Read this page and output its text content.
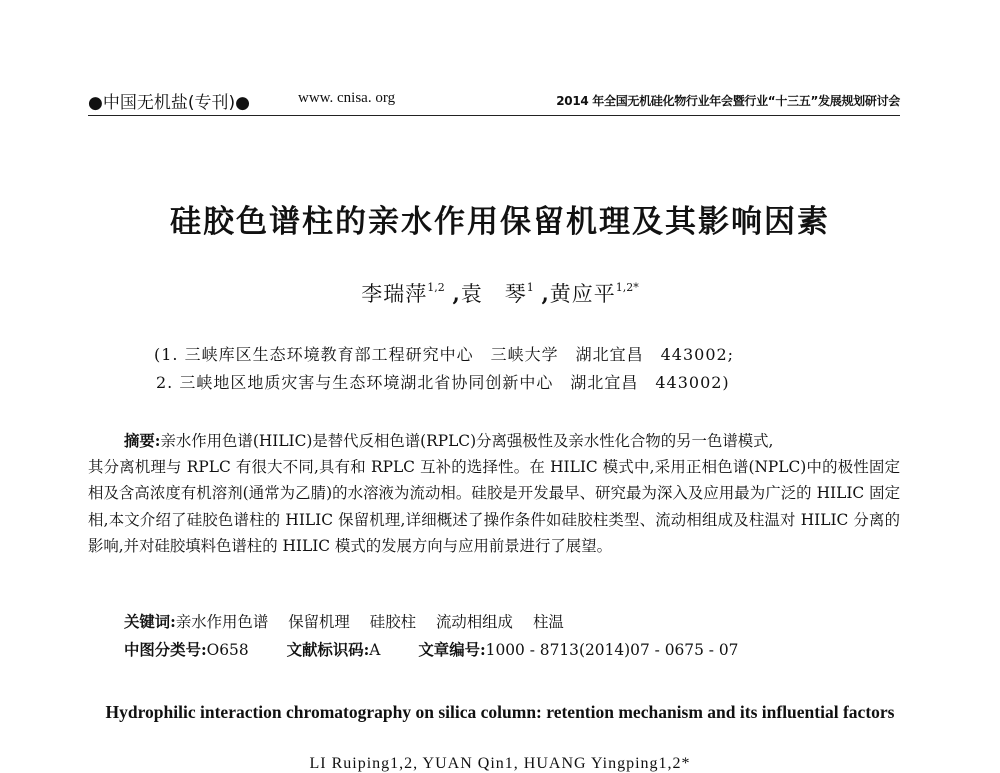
●中国无机盐(专刊)●	www. cnisa. org	2014 年全国无机硅化物行业年会暨行业“十三五”发展规划研讨会
硅胶色谱柱的亲水作用保留机理及其影响因素
李瑞萍$^{1,2}$ ,袁　琴$^1$ ,黄应平$^{1,2*}$
(1. 三峡库区生态环境教育部工程研究中心　三峡大学　湖北宜昌　443002;
2. 三峡地区地质灾害与生态环境湖北省协同创新中心　湖北宜昌　443002)
摘要:亲水作用色谱(HILIC)是替代反相色谱(RPLC)分离强极性及亲水性化合物的另一色谱模式,
其分离机理与 RPLC 有很大不同,具有和 RPLC 互补的选择性。在 HILIC 模式中,采用正相色谱(NPLC)中的极性固定相及含高浓度有机溶剂(通常为乙腈)的水溶液为流动相。硅胶是开发最早、研究最为深入及应用最为广泛的 HILIC 固定相,本文介绍了硅胶色谱柱的 HILIC 保留机理,详细概述了操作条件如硅胶柱类型、流动相组成及柱温对 HILIC 分离的影响,并对硅胶填料色谱柱的 HILIC 模式的发展方向与应用前景进行了展望。
关键词:亲水作用色谱 保留机理 硅胶柱 流动相组成 柱温
中图分类号:O658 文献标识码:A 文章编号:1000 - 8713(2014)07 - 0675 - 07
Hydrophilic interaction chromatography on silica column: retention mechanism and its influential factors
LI Ruiping1,2, YUAN Qin1, HUANG Yingping1,2*
